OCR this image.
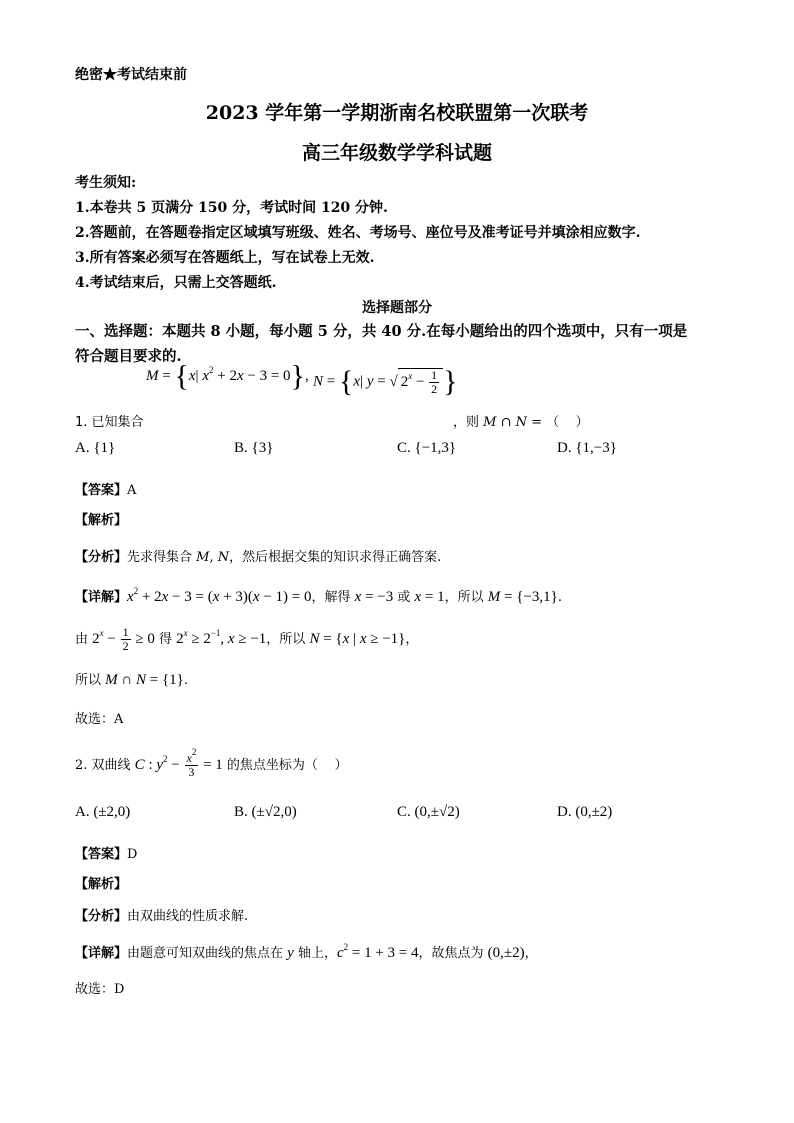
绝密★考试结束前
2023 学年第一学期浙南名校联盟第一次联考
高三年级数学学科试题
考生须知:
1.本卷共 5 页满分 150 分，考试时间 120 分钟.
2.答题前，在答题卷指定区域填写班级、姓名、考场号、座位号及准考证号并填涂相应数字.
3.所有答案必须写在答题纸上，写在试卷上无效.
4.考试结束后，只需上交答题纸.
选择题部分
一、选择题：本题共 8 小题，每小题 5 分，共 40 分.在每小题给出的四个选项中，只有一项是
符合题目要求的.
M = {x| $x^2 + 2x - 3 = 0$}, N = {x| y = √ $2^x - \frac{1}{2}$ }
1. 已知集合	，则 M ∩ N = （    ）
A. {1}	B. {3}	C. {−1,3}	D. {1,−3}
【答案】A
【解析】
【分析】先求得集合 M, N，然后根据交集的知识求得正确答案.
【详解】$x^2 + 2x - 3 = (x + 3)(x - 1) = 0$，解得 x = −3 或 x = 1，所以 M = {−3,1}.
由 $2^x - \frac{1}{2} \ge 0$ 得 $2^x \ge 2^{-1}$, x ≥ −1，所以 N = {x | x ≥ −1}，
所以 M ∩ N = {1}.
故选：A
2. 双曲线 C : $y^2 - \frac{x^2}{3} = 1$ 的焦点坐标为（    ）
A. (±2,0)	B. (±√2,0)	C. (0,±√2)	D. (0,±2)
【答案】D
【解析】
【分析】由双曲线的性质求解.
【详解】由题意可知双曲线的焦点在 y 轴上，$c^2 = 1 + 3 = 4$，故焦点为 (0,±2)，
故选：D
